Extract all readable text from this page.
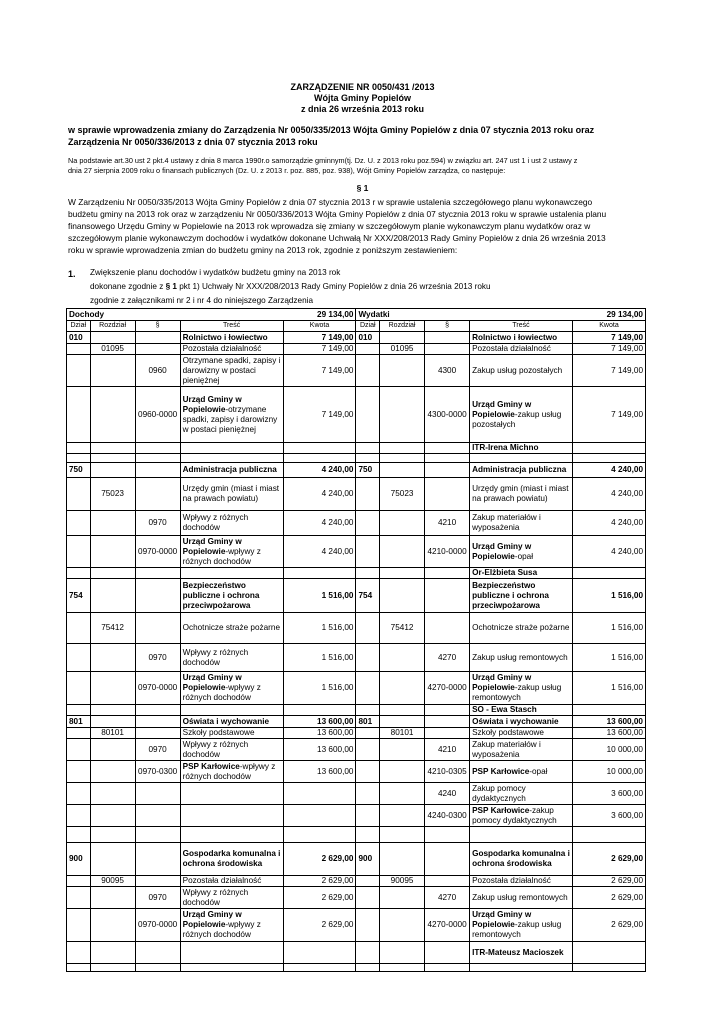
ZARZĄDZENIE NR 0050/431 /2013
Wójta Gminy Popielów
z dnia 26 września 2013 roku
w sprawie wprowadzenia zmiany do Zarządzenia Nr 0050/335/2013 Wójta Gminy Popielów z dnia 07 stycznia 2013 roku oraz
Zarządzenia Nr 0050/336/2013 z dnia 07 stycznia 2013 roku
Na podstawie art.30 ust 2 pkt.4 ustawy z dnia 8 marca 1990r.o samorządzie gminnym(tj. Dz. U. z 2013 roku poz.594) w związku art. 247 ust 1 i ust 2 ustawy z
dnia 27 sierpnia 2009 roku o finansach publicznych (Dz. U. z 2013 r. poz. 885, poz. 938), Wójt Gminy Popielów zarządza, co następuje:
§ 1
W Zarządzeniu Nr 0050/335/2013 Wójta Gminy Popielów z dnia 07 stycznia 2013 r w sprawie ustalenia szczegółowego planu wykonawczego
budżetu gminy na 2013 rok oraz w zarządzeniu Nr 0050/336/2013 Wójta Gminy Popielów z dnia 07 stycznia 2013 roku w sprawie ustalenia planu
finansowego Urzędu Gminy w Popielowie na 2013 rok wprowadza się zmiany w szczegółowym planie wykonawczym planu wydatków oraz w
szczegółowym planie wykonawczym dochodów i wydatków dokonane Uchwałą Nr XXX/208/2013 Rady Gminy Popielów z dnia 26 września 2013
roku w sprawie wprowadzenia zmian do budżetu gminy na 2013 rok, zgodnie z poniższym zestawieniem:
1. Zwiększenie planu dochodów i wydatków budżetu gminy na 2013 rok
dokonane zgodnie z § 1 pkt 1) Uchwały Nr XXX/208/2013 Rady Gminy Popielów z dnia 26 września 2013 roku
zgodnie z załącznikami nr 2 i nr 4 do niniejszego Zarządzenia
Dochody				29 134,00	Wydatki				29 134,00
Dział	Rozdział	§	Treść	Kwota	Dział	Rozdział	§	Treść	Kwota
010			Rolnictwo i łowiectwo	7 149,00	010			Rolnictwo i łowiectwo	7 149,00
	01095		Pozostała działalność	7 149,00		01095		Pozostała działalność	7 149,00
		0960	Otrzymane spadki, zapisy i darowizny w postaci pieniężnej	7 149,00			4300	Zakup usług pozostałych	7 149,00
		0960-0000	Urząd Gminy w Popielowie-otrzymane spadki, zapisy i darowizny w postaci pieniężnej	7 149,00			4300-0000	Urząd Gminy w Popielowie-zakup usług pozostałych	7 149,00
								ITR-Irena Michno	

750			Administracja publiczna	4 240,00	750			Administracja publiczna	4 240,00
	75023		Urzędy gmin (miast i miast na prawach powiatu)	4 240,00		75023		Urzędy gmin (miast i miast na prawach powiatu)	4 240,00
		0970	Wpływy z różnych dochodów	4 240,00			4210	Zakup materiałów i wyposażenia	4 240,00
		0970-0000	Urząd Gminy w Popielowie-wpływy z różnych dochodów	4 240,00			4210-0000	Urząd Gminy w Popielowie-opał	4 240,00
								Or-Elżbieta Susa	
754			Bezpieczeństwo publiczne i ochrona przeciwpożarowa	1 516,00	754			Bezpieczeństwo publiczne i ochrona przeciwpożarowa	1 516,00
	75412		Ochotnicze straże pożarne	1 516,00		75412		Ochotnicze straże pożarne	1 516,00
		0970	Wpływy z różnych dochodów	1 516,00			4270	Zakup usług remontowych	1 516,00
		0970-0000	Urząd Gminy w Popielowie-wpływy z różnych dochodów	1 516,00			4270-0000	Urząd Gminy w Popielowie-zakup usług remontowych	1 516,00
								SO - Ewa Stasch	
801			Oświata i wychowanie	13 600,00	801			Oświata i wychowanie	13 600,00
	80101		Szkoły podstawowe	13 600,00		80101		Szkoły podstawowe	13 600,00
		0970	Wpływy z różnych dochodów	13 600,00			4210	Zakup materiałów i wyposażenia	10 000,00
		0970-0300	PSP Karłowice-wpływy z różnych dochodów	13 600,00			4210-0305	PSP Karłowice-opał	10 000,00
							4240	Zakup pomocy dydaktycznych	3 600,00
							4240-0300	PSP Karłowice-zakup pomocy dydaktycznych	3 600,00

900			Gospodarka komunalna i ochrona środowiska	2 629,00	900			Gospodarka komunalna i ochrona środowiska	2 629,00
	90095		Pozostała działalność	2 629,00		90095		Pozostała działalność	2 629,00
		0970	Wpływy z różnych dochodów	2 629,00			4270	Zakup usług remontowych	2 629,00
		0970-0000	Urząd Gminy w Popielowie-wpływy z różnych dochodów	2 629,00			4270-0000	Urząd Gminy w Popielowie-zakup usług remontowych	2 629,00
								ITR-Mateusz Macioszek	
